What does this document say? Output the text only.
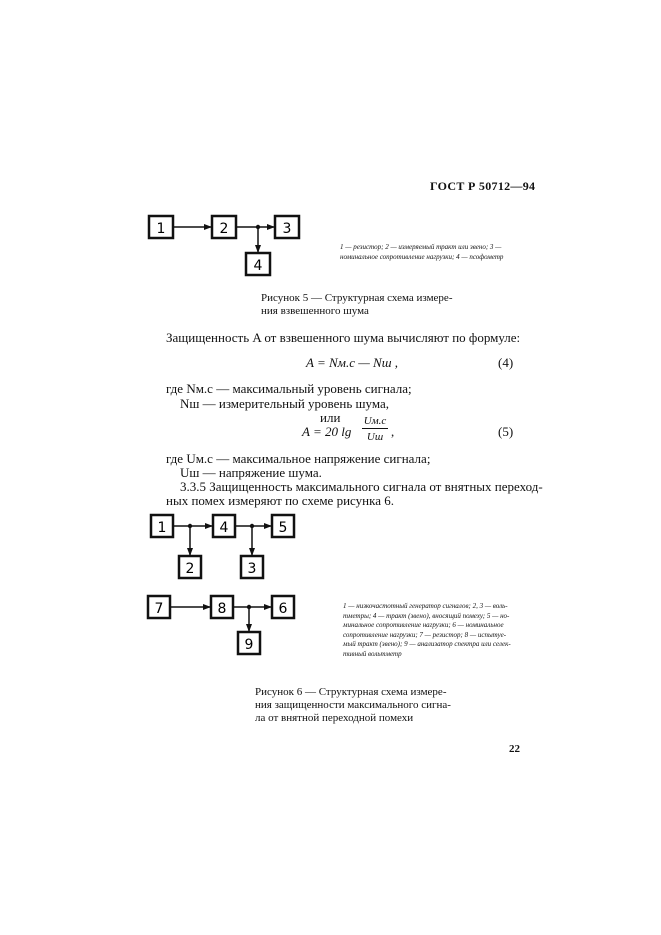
ГОСТ Р 50712—94
1	2	3
4
1	4	5
2	3
7	8	6
9
1 — резистор; 2 — измеряемый тракт или звено; 3 —
номинальное сопротивление нагрузки; 4 — псофометр
Рисунок 5 — Структурная схема измере-
ния взвешенного шума
Защищенность A от взвешенного шума вычисляют по формуле:
A = Nм.с — Nш ,	(4)
где Nм.с — максимальный уровень сигнала;
Nш — измерительный уровень шума,
или
A = 20 lg
Uм.с
Uш ,	(5)
где Uм.с — максимальное напряжение сигнала;
Uш — напряжение шума.
3.3.5 Защищенность максимального сигнала от внятных переход-
ных помех измеряют по схеме рисунка 6.
1 — низкочастотный генератор сигналов; 2, 3 — воль-
тметры; 4 — тракт (звено), вносящий помеху; 5 — но-
минальное сопротивление нагрузки; 6 — номинальное
сопротивление нагрузки; 7 — резистор; 8 — испытуе-
мый тракт (звено); 9 — анализатор спектра или селек-
тивный вольтметр
Рисунок 6 — Структурная схема измере-
ния защищенности максимального сигна-
ла от внятной переходной помехи
22
